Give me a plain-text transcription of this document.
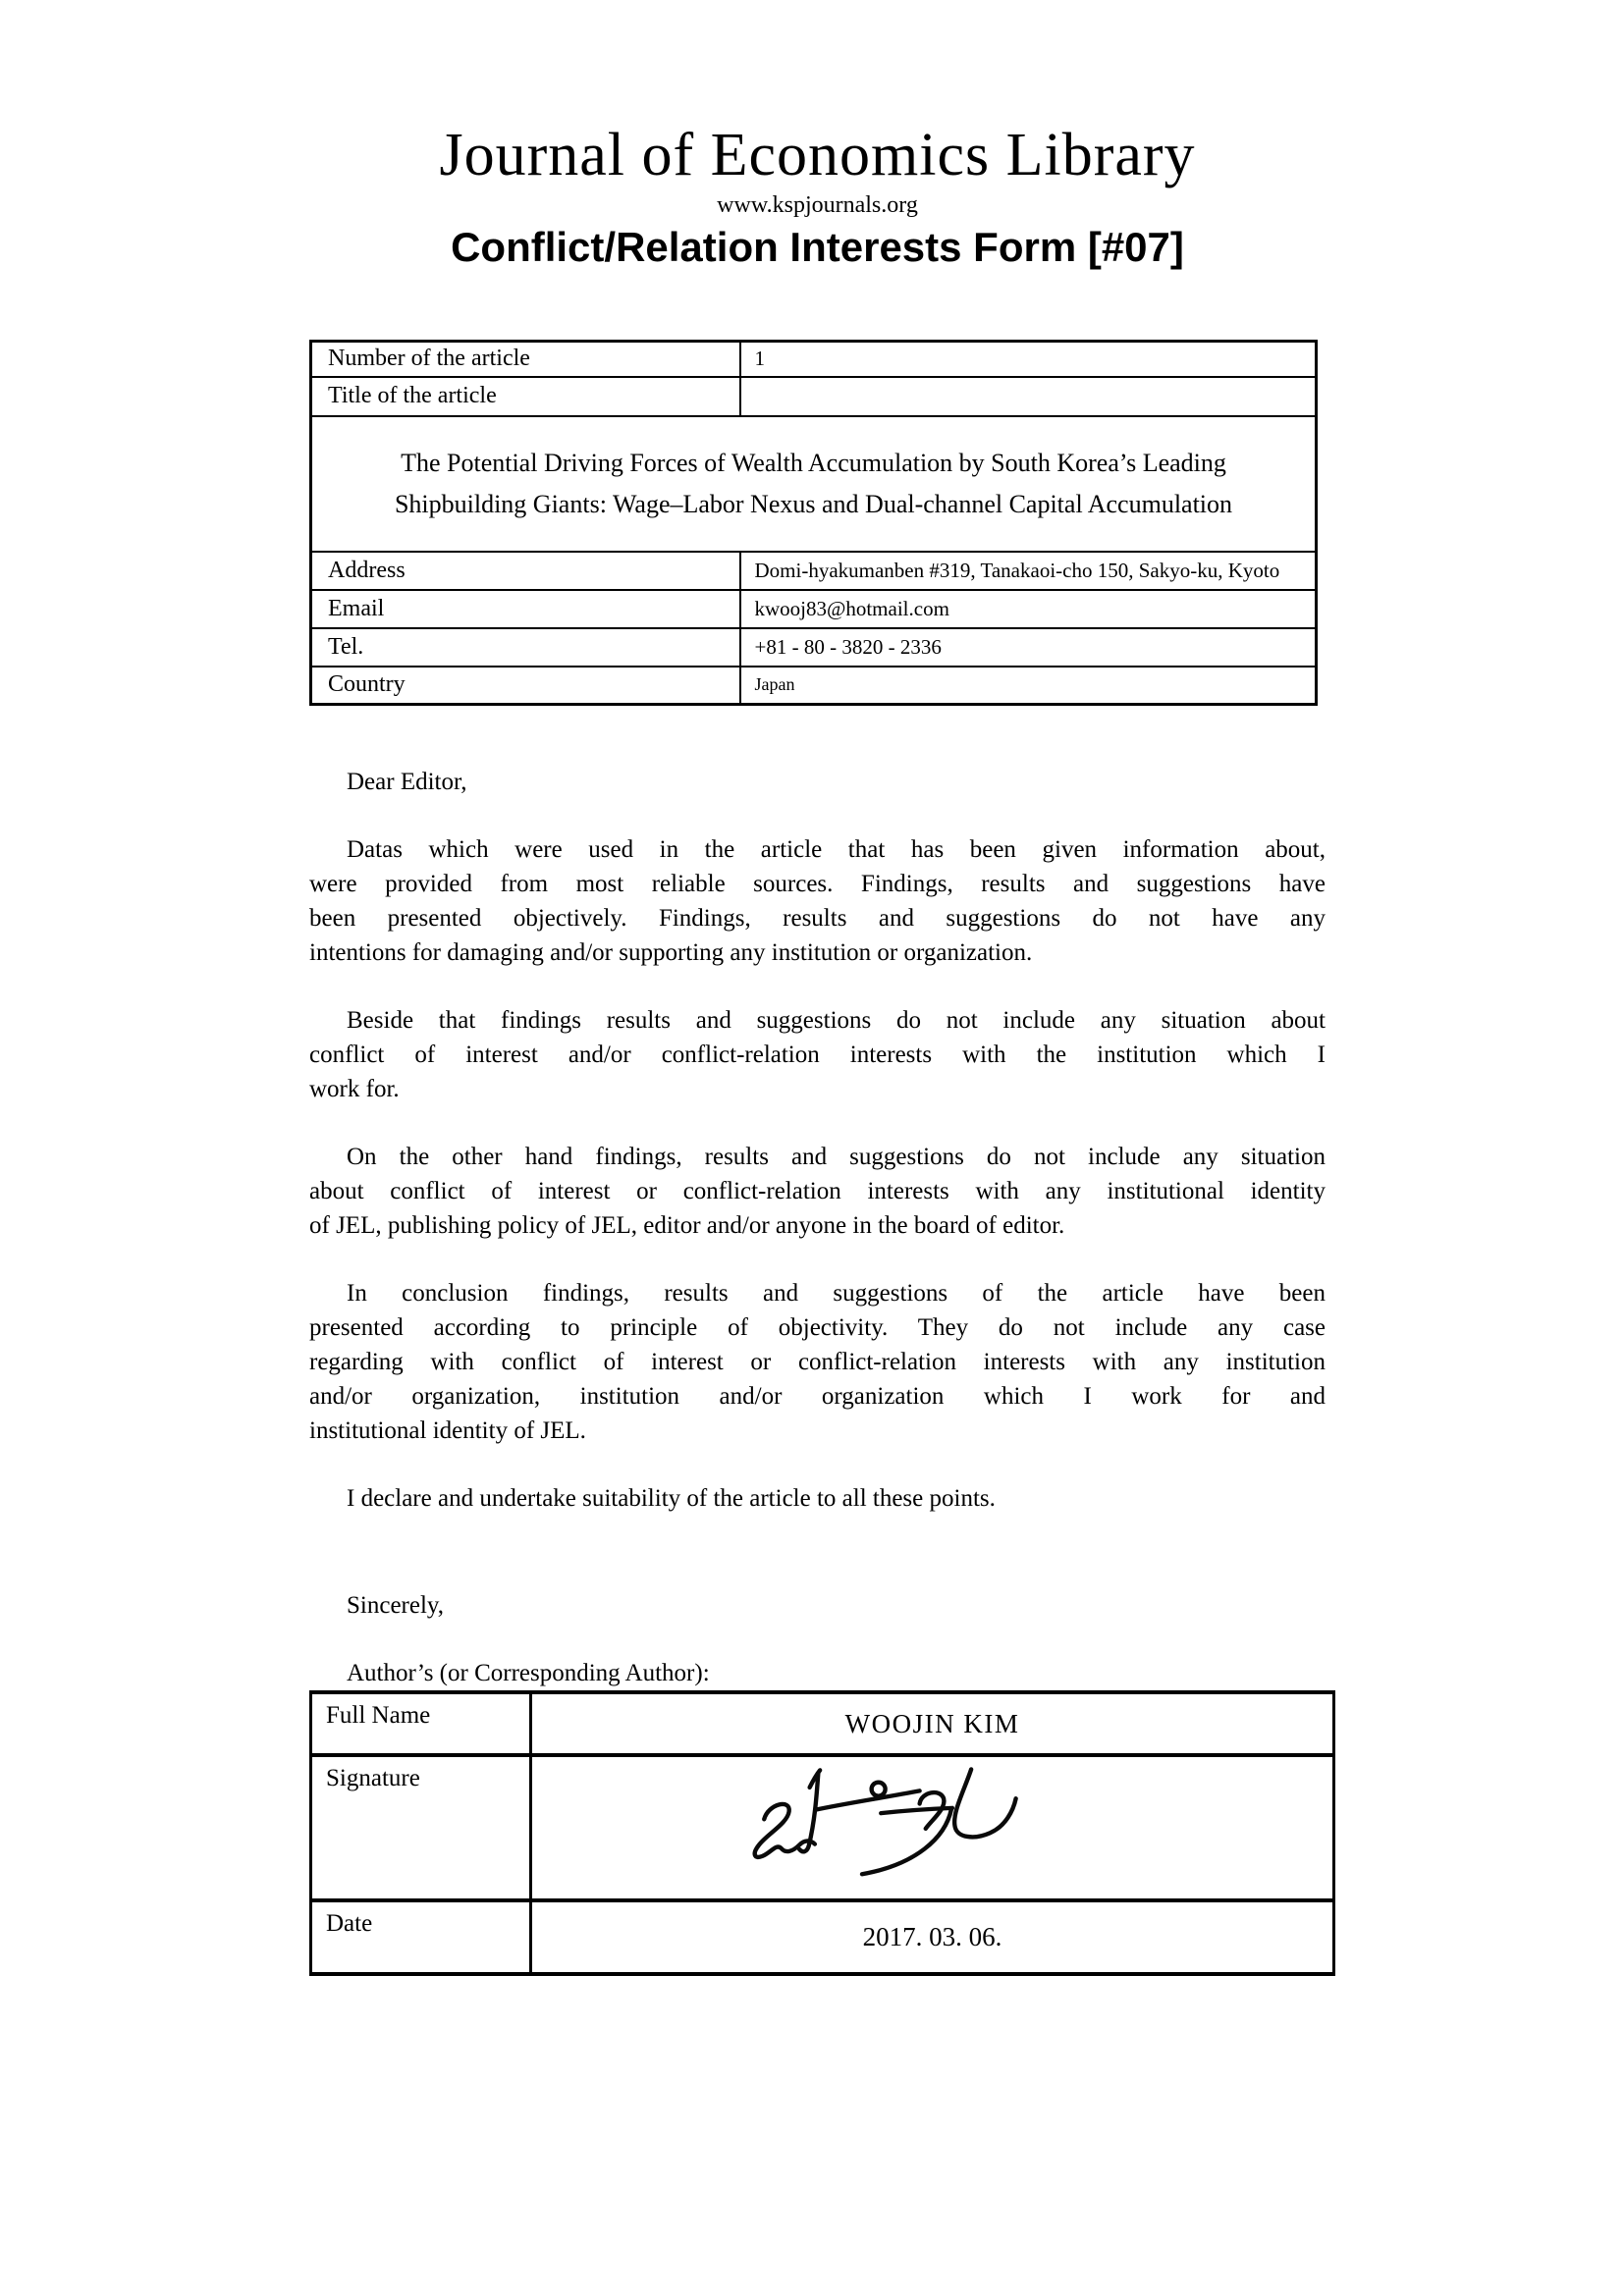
Journal of Economics Library
www.kspjournals.org
Conflict/Relation Interests Form [#07]
Number of the article	1
Title of the article	

The Potential Driving Forces of Wealth Accumulation by South Korea’s Leading
Shipbuilding Giants: Wage–Labor Nexus and Dual-channel Capital Accumulation	

Address	Domi-hyakumanben #319, Tanakaoi-cho 150, Sakyo-ku, Kyoto
Email	kwooj83@hotmail.com
Tel.	+81 - 80 - 3820 - 2336
Country	Japan
Dear Editor,
Datas which were used in the article that has been given information about,
were provided from most reliable sources. Findings, results and suggestions have
been presented objectively. Findings, results and suggestions do not have any
intentions for damaging and/or supporting any institution or organization.
Beside that findings results and suggestions do not include any situation about
conflict of interest and/or conflict-relation interests with the institution which I
work for.
On the other hand findings, results and suggestions do not include any situation
about conflict of interest or conflict-relation interests with any institutional identity
of JEL, publishing policy of JEL, editor and/or anyone in the board of editor.
In conclusion findings, results and suggestions of the article have been
presented according to principle of objectivity. They do not include any case
regarding with conflict of interest or conflict-relation interests with any institution
and/or organization, institution and/or organization which I work for and
institutional identity of JEL.
I declare and undertake suitability of the article to all these points.
Sincerely,
Author’s (or Corresponding Author):
Full Name	WOOJIN KIM
Signature	

Date	2017. 03. 06.
